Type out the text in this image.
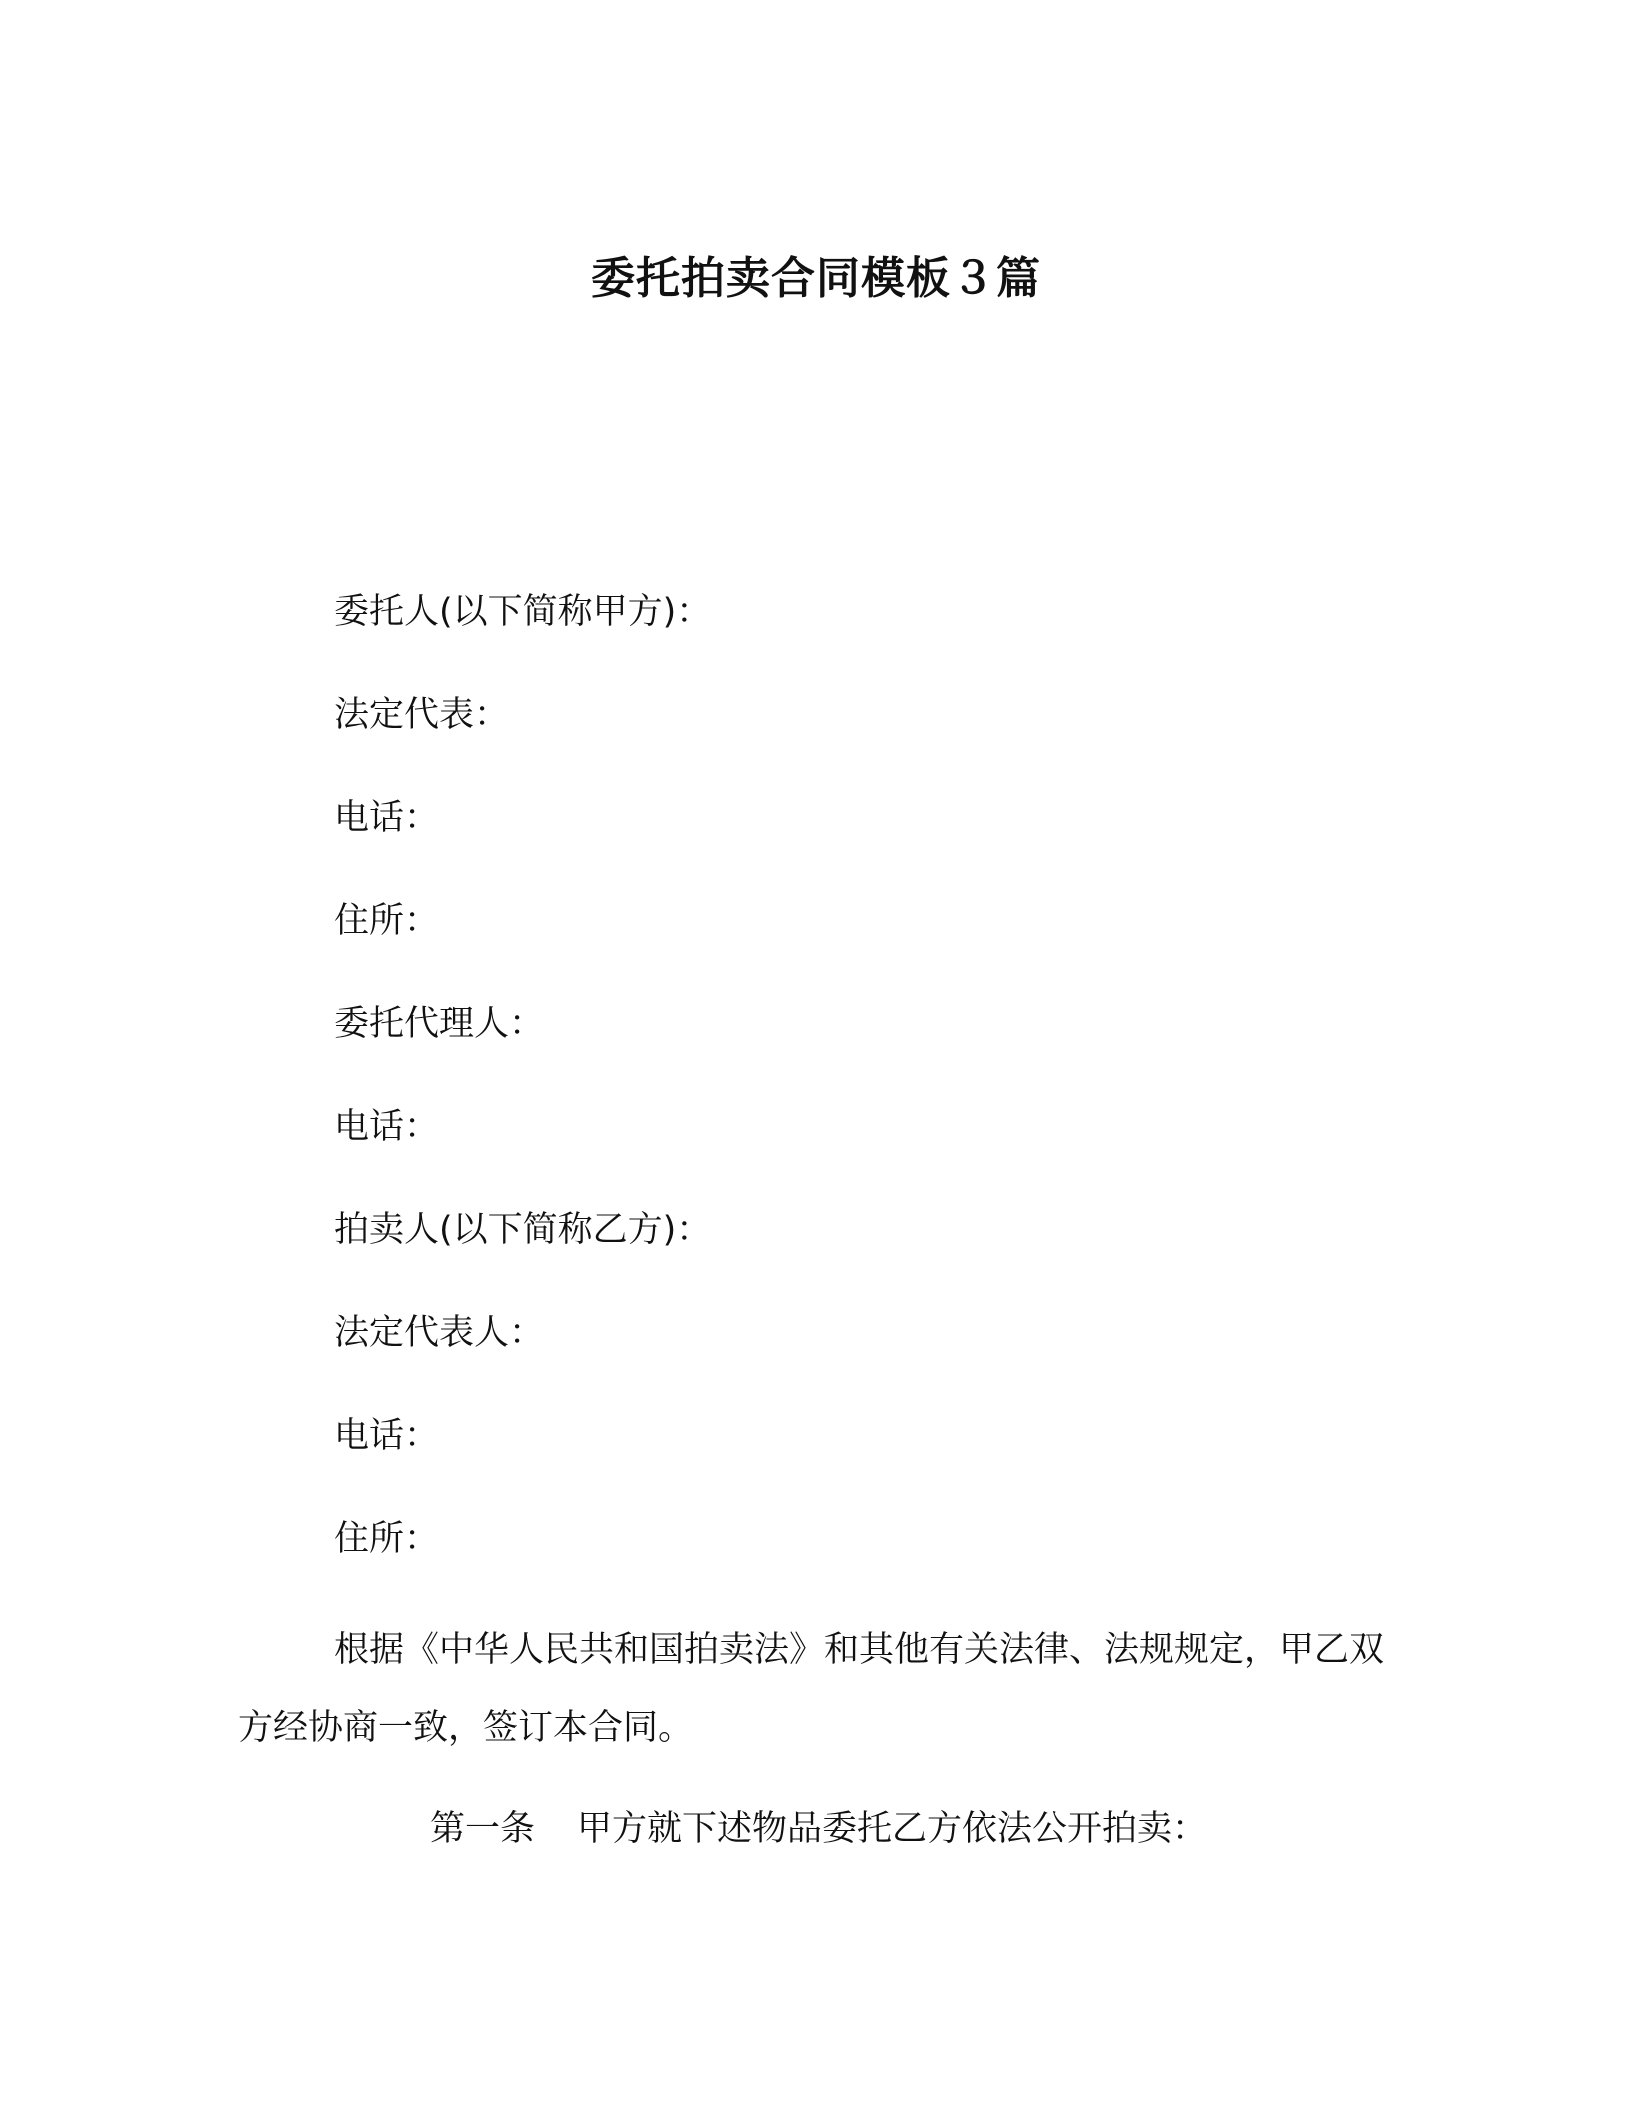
委托拍卖合同模板３篇
委托人(以下简称甲方)：
法定代表：
电话：
住所：
委托代理人：
电话：
拍卖人(以下简称乙方)：
法定代表人：
电话：
住所：

根据《中华人民共和国拍卖法》和其他有关法律、法规规定，甲乙双方经协商一致，签订本合同。

第一条 甲方就下述物品委托乙方依法公开拍卖：
